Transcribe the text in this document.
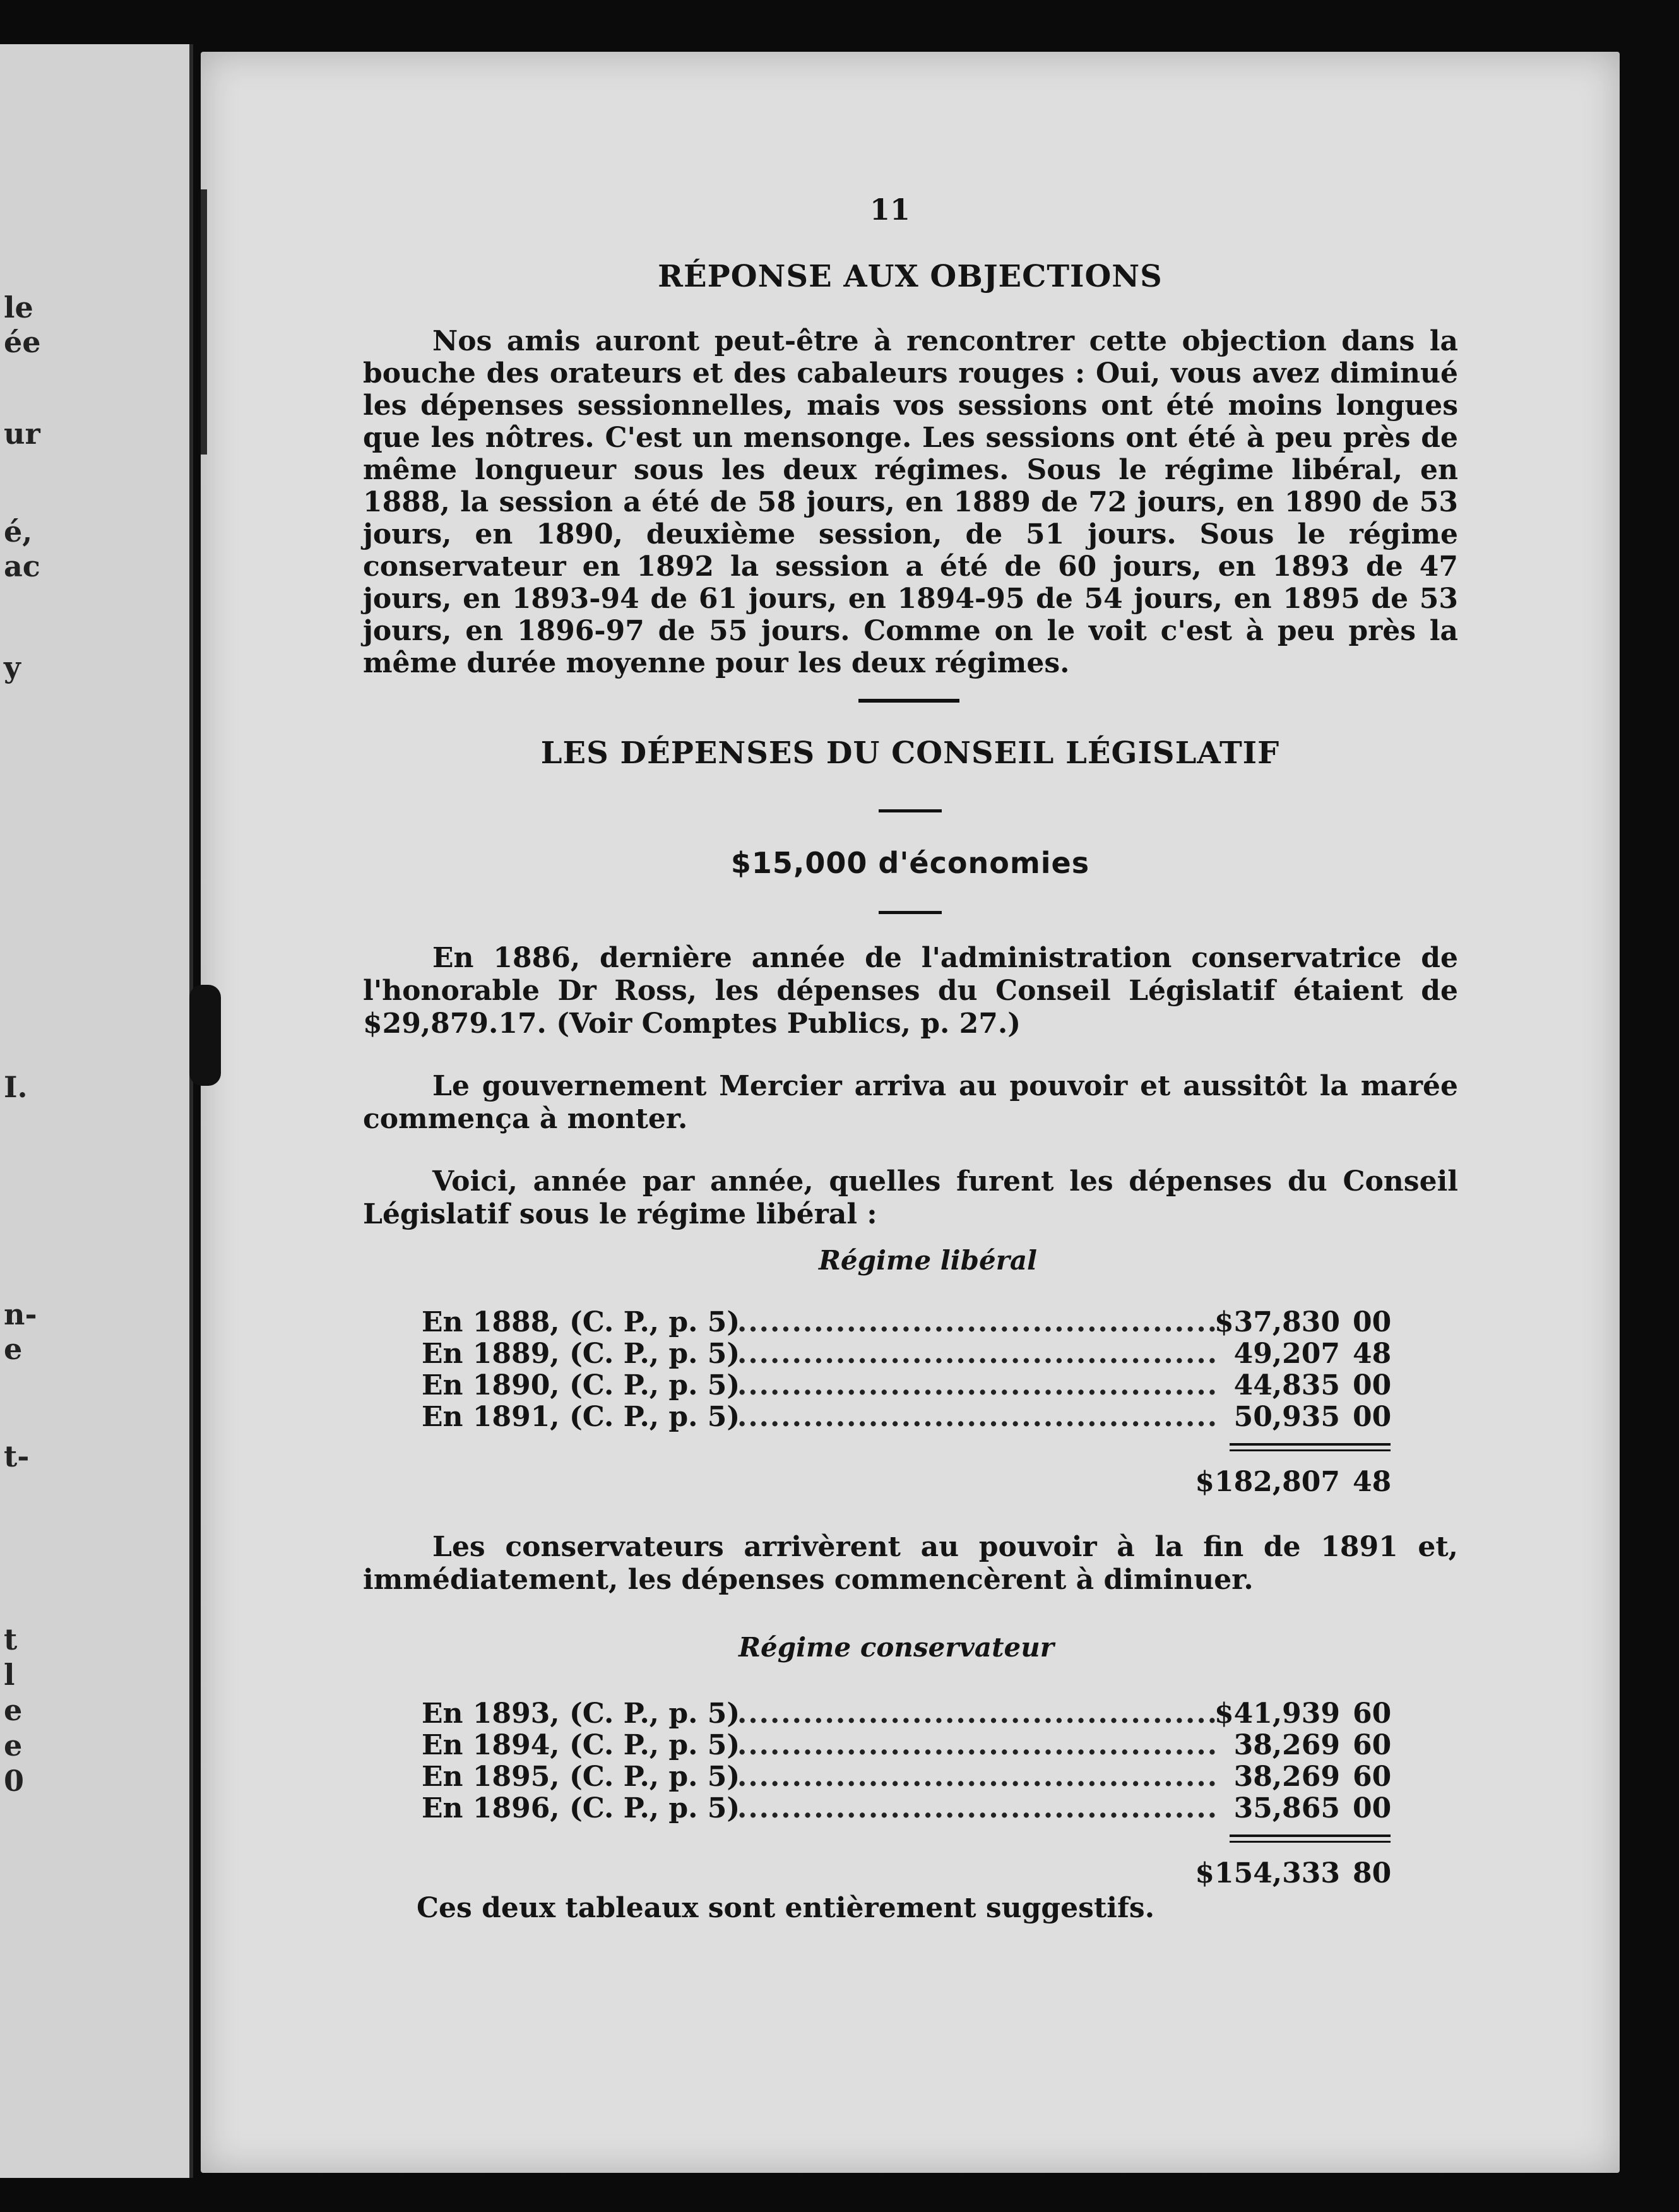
le
ée
ur
é,
ac
y
I.
n-
e
t-
t
l
e
e
0
11
RÉPONSE AUX OBJECTIONS
Nos amis auront peut-être à rencontrer cette objection dans la bouche des orateurs et des cabaleurs rouges : Oui, vous avez diminué les dépenses sessionnelles, mais vos sessions ont été moins longues que les nôtres. C'est un mensonge. Les sessions ont été à peu près de même longueur sous les deux régimes. Sous le régime libéral, en 1888, la session a été de 58 jours, en 1889 de 72 jours, en 1890 de 53 jours, en 1890, deuxième session, de 51 jours. Sous le régime conservateur en 1892 la session a été de 60 jours, en 1893 de 47 jours, en 1893-94 de 61 jours, en 1894-95 de 54 jours, en 1895 de 53 jours, en 1896-97 de 55 jours. Comme on le voit c'est à peu près la même durée moyenne pour les deux régimes.
LES DÉPENSES DU CONSEIL LÉGISLATIF
$15,000 d'économies
En 1886, dernière année de l'administration conservatrice de l'honorable Dr Ross, les dépenses du Conseil Législatif étaient de $29,879.17. (Voir Comptes Publics, p. 27.)
Le gouvernement Mercier arriva au pouvoir et aussitôt la marée commença à monter.
Voici, année par année, quelles furent les dépenses du Conseil Législatif sous le régime libéral :
Régime libéral
En 1888, (C. P., p. 5) .....	$37,830 00
En 1889, (C. P., p. 5) .....	49,207 48
En 1890, (C. P., p. 5) .....	44,835 00
En 1891, (C. P., p. 5) .....	50,935 00
$182,807 48
Les conservateurs arrivèrent au pouvoir à la fin de 1891 et, immédiatement, les dépenses commencèrent à diminuer.
Régime conservateur
En 1893, (C. P., p. 5) .....	$41,939 60
En 1894, (C. P., p. 5) .....	38,269 60
En 1895, (C. P., p. 5) .....	38,269 60
En 1896, (C. P., p. 5) .....	35,865 00
$154,333 80
Ces deux tableaux sont entièrement suggestifs.
